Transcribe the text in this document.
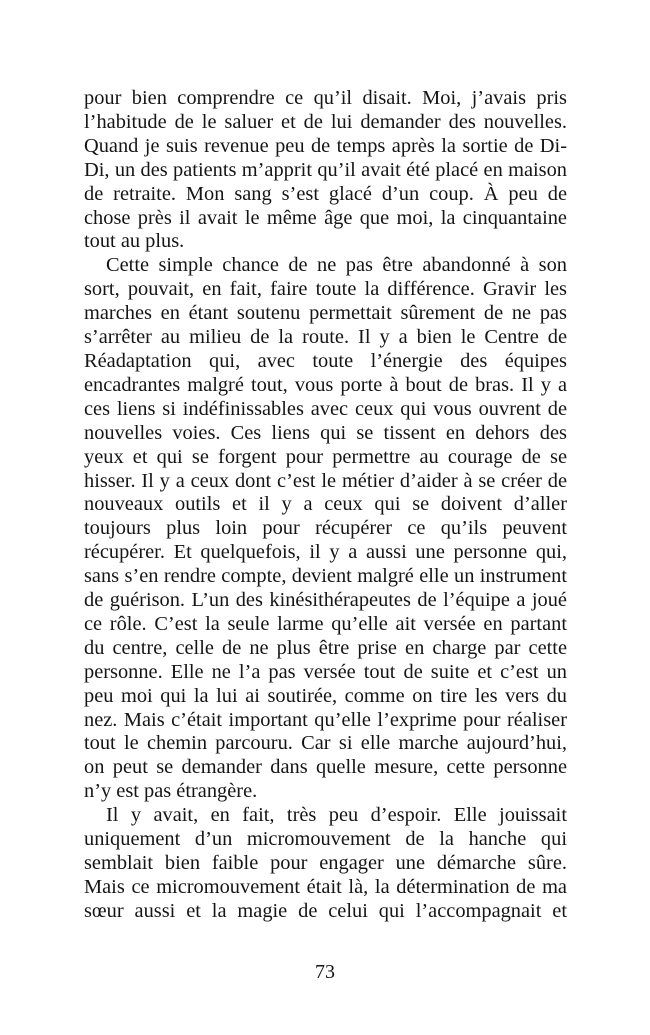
pour bien comprendre ce qu’il disait. Moi, j’avais pris
l’habitude de le saluer et de lui demander des nouvelles.
Quand je suis revenue peu de temps après la sortie de Di-
Di, un des patients m’apprit qu’il avait été placé en maison
de retraite. Mon sang s’est glacé d’un coup. À peu de
chose près il avait le même âge que moi, la cinquantaine
tout au plus.

Cette simple chance de ne pas être abandonné à son
sort, pouvait, en fait, faire toute la différence. Gravir les
marches en étant soutenu permettait sûrement de ne pas
s’arrêter au milieu de la route. Il y a bien le Centre de
Réadaptation qui, avec toute l’énergie des équipes
encadrantes malgré tout, vous porte à bout de bras. Il y a
ces liens si indéfinissables avec ceux qui vous ouvrent de
nouvelles voies. Ces liens qui se tissent en dehors des
yeux et qui se forgent pour permettre au courage de se
hisser. Il y a ceux dont c’est le métier d’aider à se créer de
nouveaux outils et il y a ceux qui se doivent d’aller
toujours plus loin pour récupérer ce qu’ils peuvent
récupérer. Et quelquefois, il y a aussi une personne qui,
sans s’en rendre compte, devient malgré elle un instrument
de guérison. L’un des kinésithérapeutes de l’équipe a joué
ce rôle. C’est la seule larme qu’elle ait versée en partant
du centre, celle de ne plus être prise en charge par cette
personne. Elle ne l’a pas versée tout de suite et c’est un
peu moi qui la lui ai soutirée, comme on tire les vers du
nez. Mais c’était important qu’elle l’exprime pour réaliser
tout le chemin parcouru. Car si elle marche aujourd’hui,
on peut se demander dans quelle mesure, cette personne
n’y est pas étrangère.

Il y avait, en fait, très peu d’espoir. Elle jouissait
uniquement d’un micromouvement de la hanche qui
semblait bien faible pour engager une démarche sûre.
Mais ce micromouvement était là, la détermination de ma
sœur aussi et la magie de celui qui l’accompagnait et

73
